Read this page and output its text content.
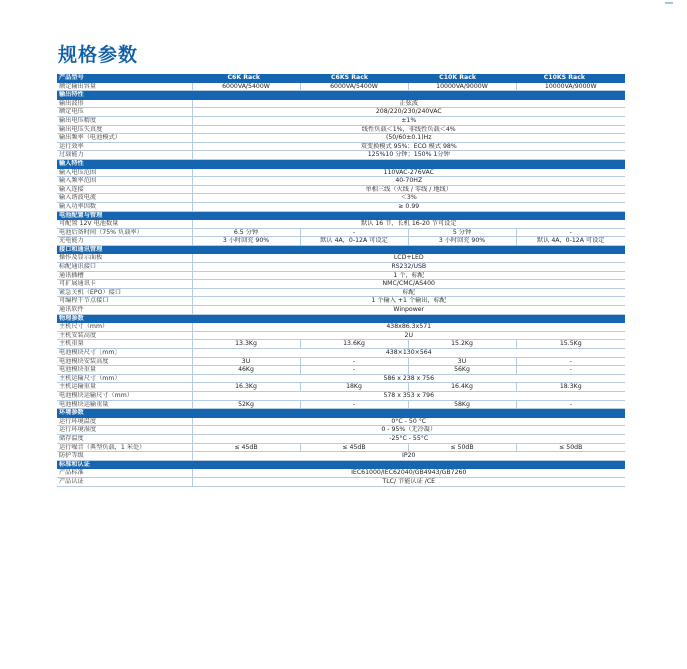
规格参数
产品型号	C6K Rack	C6KS Rack	C10K Rack	C10KS Rack
额定输出容量	6000VA/5400W	6000VA/5400W	10000VA/9000W	10000VA/9000W
输出特性				
输出波形	正弦波			
额定电压	208/220/230/240VAC			
输出电压精度	±1%			
输出电压失真度	线性负载＜1%，非线性负载＜4%			
输出频率（电池模式）	(50/60±0.1)Hz			
运行效率	双变换模式 95%；ECO 模式 98%			
过载能力	125%10 分钟；150% 1分钟			
输入特性				
输入电压范围	110VAC-276VAC			
输入频率范围	40-70HZ			
输入连接	单相三线（火线 / 零线 / 地线）			
输入谐波电流	＜3%			
输入功率因数	≥ 0.99			
电池配置与管理				
可配置 12V 电池数量	默认 16 节，长机 16-20 节可设定			
电池后备时间（75% 负载率）	6.5 分钟	-	5 分钟	-
充电能力	3 小时回充 90%	默认 4A，0-12A 可设定	3 小时回充 90%	默认 4A，0-12A 可设定
接口和通讯管理				
操作及显示面板	LCD+LED			
标配通讯接口	RS232/USB			
通讯插槽	1 个，标配			
可扩展通讯卡	NMC/CMC/AS400			
紧急关机（EPO）接口	标配			
可编程干节点接口	1 个输入 +1 个输出，标配			
通讯软件	Winpower			
物理参数				
主机尺寸（mm）	438x86.3x571			
主机安装高度	2U			
主机重量	13.3Kg	13.6Kg	15.2Kg	15.5Kg
电池模块尺寸［mm］	438×130×564			
电池模块安装高度	3U	-	3U	-
电池模块重量	46Kg	-	56Kg	-
主机运输尺寸（mm）	586 x 238 x 756			
主机运输重量	16.3Kg	18Kg	16.4Kg	18.3Kg
电池模块运输尺寸（mm）	578 x 353 x 796			
电池模块运输重量	52Kg	-	58Kg	-
环境参数				
运行环境温度	0°C - 50 °C			
运行环境湿度	0 - 95%（无冷凝）			
储存温度	-25°C - 55°C			
运行噪音（典型负载，1 米处）	≤ 45dB	≤ 45dB	≤ 50dB	≤ 50dB
防护等级	IP20			
标准和认证				
产品标准	IEC61000/IEC62040/GB4943/GB7260			
产品认证	TLC/ 节能认证 /CE			
